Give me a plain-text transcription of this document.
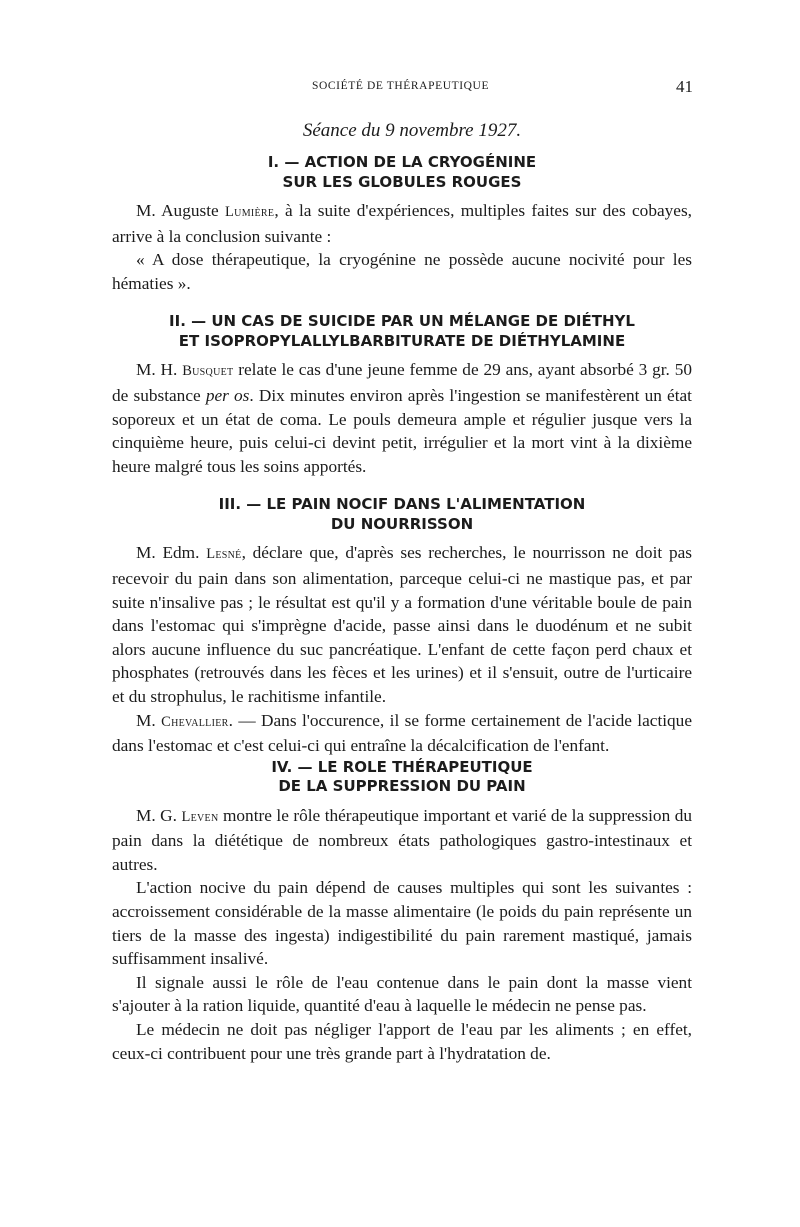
SOCIÉTÉ DE THÉRAPEUTIQUE	41
Séance du 9 novembre 1927.
I. — ACTION DE LA CRYOGÉNINE
SUR LES GLOBULES ROUGES

M. Auguste Lumière, à la suite d'expériences, multiples faites sur des cobayes, arrive à la conclusion suivante :

« A dose thérapeutique, la cryogénine ne possède aucune nocivité pour les hématies ».

II. — UN CAS DE SUICIDE PAR UN MÉLANGE DE DIÉTHYL
ET ISOPROPYLALLYLBARBITURATE DE DIÉTHYLAMINE

M. H. Busquet relate le cas d'une jeune femme de 29 ans, ayant absorbé 3 gr. 50 de substance per os. Dix minutes environ après l'ingestion se manifestèrent un état soporeux et un état de coma. Le pouls demeura ample et régulier jusque vers la cinquième heure, puis celui-ci devint petit, irrégulier et la mort vint à la dixième heure malgré tous les soins apportés.

III. — LE PAIN NOCIF DANS L'ALIMENTATION
DU NOURRISSON

M. Edm. Lesné, déclare que, d'après ses recherches, le nourrisson ne doit pas recevoir du pain dans son alimentation, parceque celui-ci ne mastique pas, et par suite n'insalive pas ; le résultat est qu'il y a formation d'une véritable boule de pain dans l'estomac qui s'imprègne d'acide, passe ainsi dans le duodénum et ne subit alors aucune influence du suc pancréatique. L'enfant de cette façon perd chaux et phosphates (retrouvés dans les fèces et les urines) et il s'ensuit, outre de l'urticaire et du strophulus, le rachitisme infantile.

M. Chevallier. — Dans l'occurence, il se forme certainement de l'acide lactique dans l'estomac et c'est celui-ci qui entraîne la décalcification de l'enfant.

IV. — LE ROLE THÉRAPEUTIQUE
DE LA SUPPRESSION DU PAIN

M. G. Leven montre le rôle thérapeutique important et varié de la suppression du pain dans la diététique de nombreux états pathologiques gastro-intestinaux et autres.

L'action nocive du pain dépend de causes multiples qui sont les suivantes : accroissement considérable de la masse alimentaire (le poids du pain représente un tiers de la masse des ingesta) indigestibilité du pain rarement mastiqué, jamais suffisamment insalivé.

Il signale aussi le rôle de l'eau contenue dans le pain dont la masse vient s'ajouter à la ration liquide, quantité d'eau à laquelle le médecin ne pense pas.

Le médecin ne doit pas négliger l'apport de l'eau par les aliments ; en effet, ceux-ci contribuent pour une très grande part à l'hydratation de.
